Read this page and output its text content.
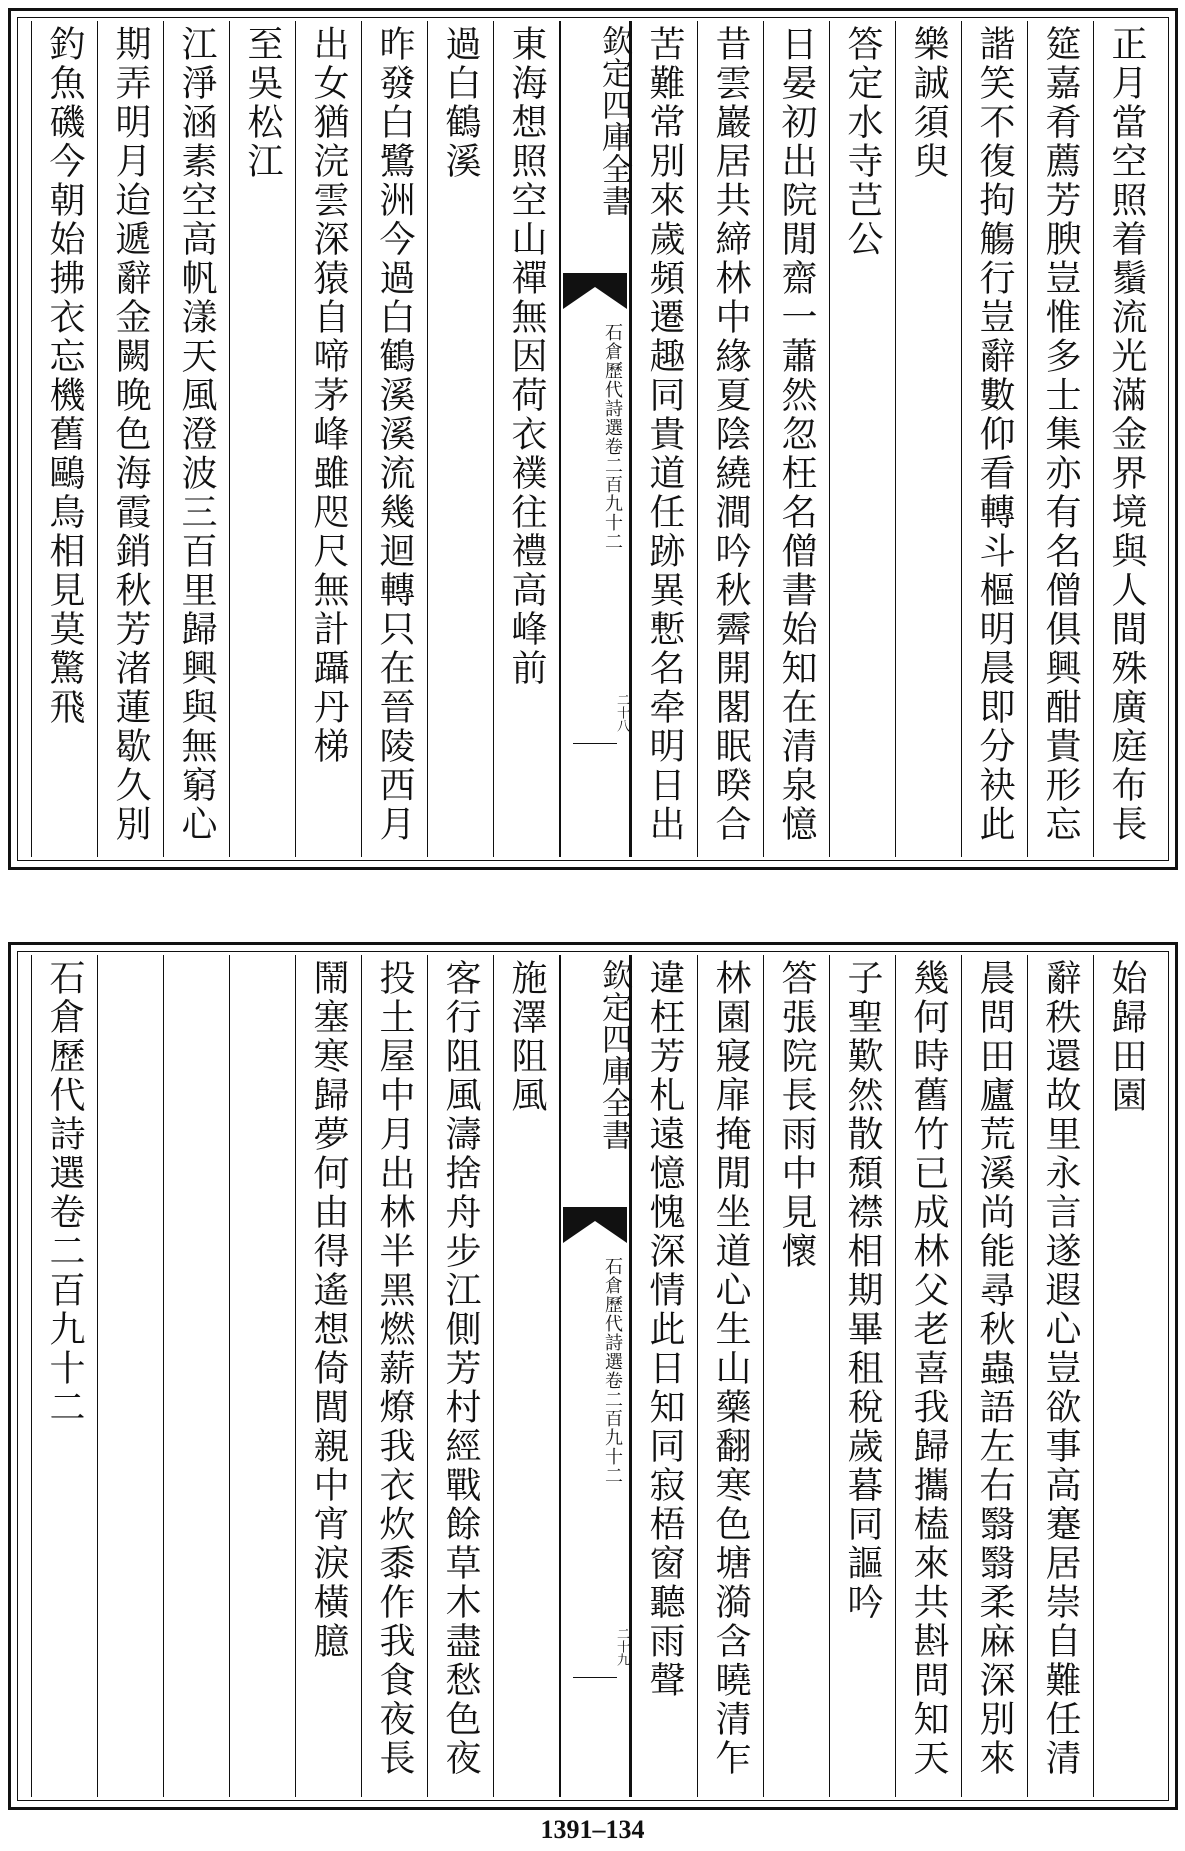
正月當空照着鬚流光滿金界境與人間殊廣庭布長
筵嘉肴薦芳腴豈惟多士集亦有名僧俱興酣貴形忘
諧笑不復拘觴行豈辭數仰看轉斗樞明晨即分袂此
樂誠須臾
答定水寺芑公
日晏初出院閒齋一蕭然忽枉名僧書始知在清泉憶
昔雲巖居共締林中緣夏陰繞澗吟秋霽開閣眠暌合
苦難常別來歲頻遷趣同貴道任跡異慙名牵明日出
欽定四庫全書
石倉歷代詩選卷二百九十二
二十八
東海想照空山禪無因荷衣襆往禮高峰前
過白鶴溪
昨發白鷺洲今過白鶴溪溪流幾迴轉只在晉陵西月
出女猶浣雲深猿自啼茅峰雖咫尺無計躡丹梯
至吳松江
江淨涵素空高帆漾天風澄波三百里歸興與無窮心
期弄明月迨遞辭金闕晚色海霞銷秋芳渚蓮歇久別
釣魚磯今朝始拂衣忘機舊鷗鳥相見莫驚飛
始歸田園
辭秩還故里永言遂遐心豈欲事高蹇居崇自難任清
晨問田廬荒溪尚能尋秋蟲語左右翳翳柔麻深別來
幾何時舊竹已成林父老喜我歸攜榼來共斟問知天
子聖歎然散頹襟相期畢租稅歲暮同謳吟
答張院長雨中見懷
林園寢扉掩閒坐道心生山藥翻寒色塘漪含曉清乍
違枉芳札遠憶愧深情此日知同寂梧窗聽雨聲
欽定四庫全書
石倉歷代詩選卷二百九十二
二十九
施澤阻風
客行阻風濤捨舟步江側芳村經戰餘草木盡愁色夜
投土屋中月出林半黑燃薪燎我衣炊黍作我食夜長
鬧塞寒歸夢何由得遙想倚閭親中宵淚橫臆
石倉歷代詩選卷二百九十二
1391–134
